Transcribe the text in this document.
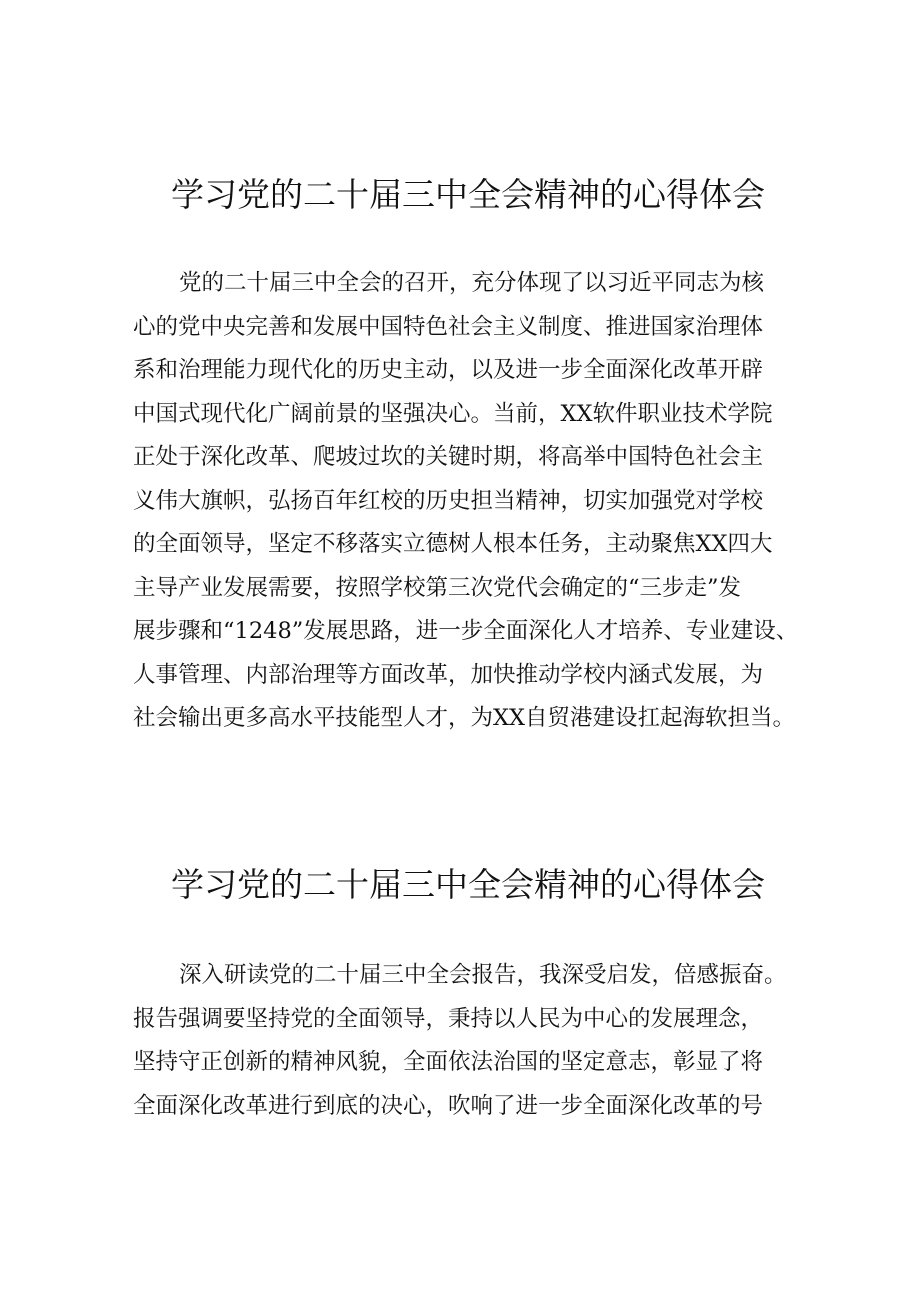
学习党的二十届三中全会精神的心得体会
党的二十届三中全会的召开，充分体现了以习近平同志为核
心的党中央完善和发展中国特色社会主义制度、推进国家治理体
系和治理能力现代化的历史主动，以及进一步全面深化改革开辟
中国式现代化广阔前景的坚强决心。当前，XX软件职业技术学院
正处于深化改革、爬坡过坎的关键时期，将高举中国特色社会主
义伟大旗帜，弘扬百年红校的历史担当精神，切实加强党对学校
的全面领导，坚定不移落实立德树人根本任务，主动聚焦XX四大
主导产业发展需要，按照学校第三次党代会确定的“三步走”发
展步骤和“1248”发展思路，进一步全面深化人才培养、专业建设、
人事管理、内部治理等方面改革，加快推动学校内涵式发展，为
社会输出更多高水平技能型人才，为XX自贸港建设扛起海软担当。
学习党的二十届三中全会精神的心得体会
深入研读党的二十届三中全会报告，我深受启发，倍感振奋。
报告强调要坚持党的全面领导，秉持以人民为中心的发展理念，
坚持守正创新的精神风貌，全面依法治国的坚定意志，彰显了将
全面深化改革进行到底的决心，吹响了进一步全面深化改革的号
